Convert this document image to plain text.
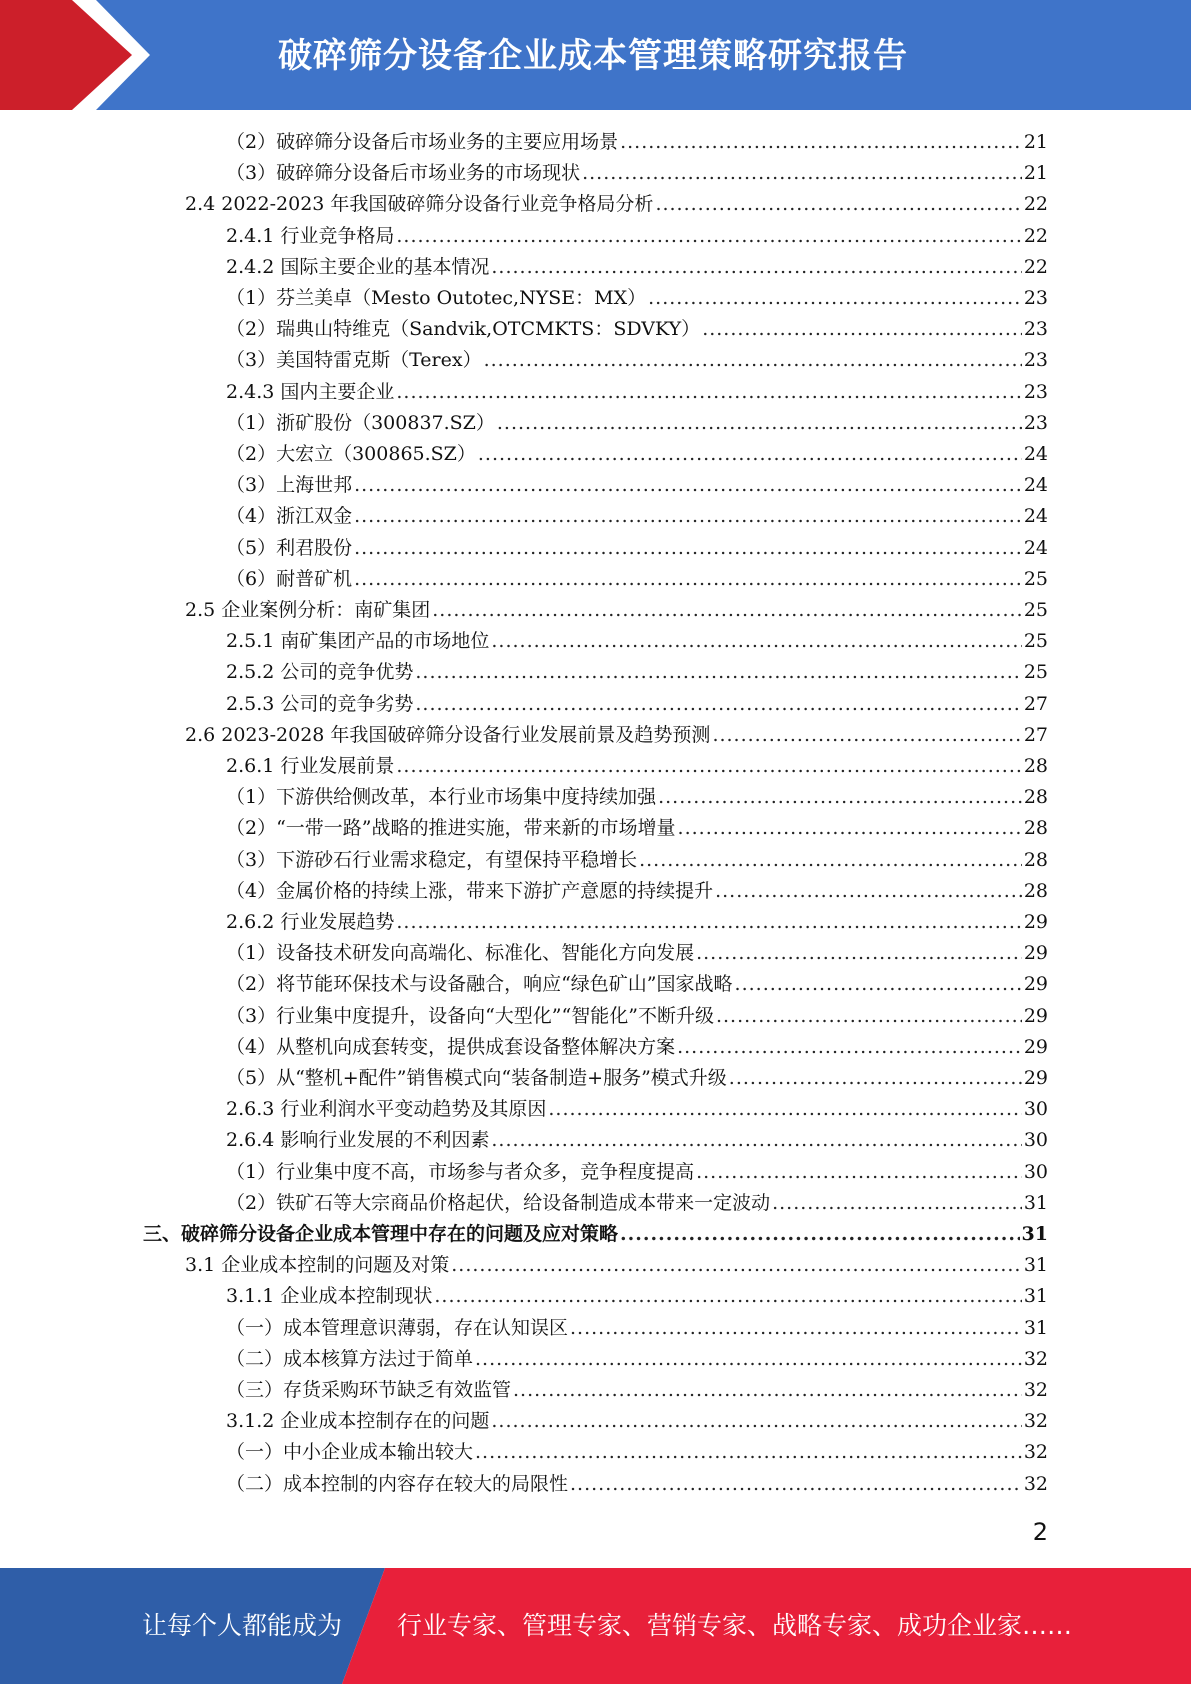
破碎筛分设备企业成本管理策略研究报告
（2）破碎筛分设备后市场业务的主要应用场景 .....	21
（3）破碎筛分设备后市场业务的市场现状 .....	21
2.4 2022-2023 年我国破碎筛分设备行业竞争格局分析 .....	22
2.4.1 行业竞争格局 .....	22
2.4.2 国际主要企业的基本情况 .....	22
（1）芬兰美卓（Mesto Outotec,NYSE：MX） .....	23
（2）瑞典山特维克（Sandvik,OTCMKTS：SDVKY） .....	23
（3）美国特雷克斯（Terex） .....	23
2.4.3 国内主要企业 .....	23
（1）浙矿股份（300837.SZ） .....	23
（2）大宏立（300865.SZ） .....	24
（3）上海世邦 .....	24
（4）浙江双金 .....	24
（5）利君股份 .....	24
（6）耐普矿机 .....	25
2.5 企业案例分析：南矿集团 .....	25
2.5.1 南矿集团产品的市场地位 .....	25
2.5.2 公司的竞争优势 .....	25
2.5.3 公司的竞争劣势 .....	27
2.6 2023-2028 年我国破碎筛分设备行业发展前景及趋势预测 .....	27
2.6.1 行业发展前景 .....	28
（1）下游供给侧改革，本行业市场集中度持续加强 .....	28
（2）“一带一路”战略的推进实施，带来新的市场增量 .....	28
（3）下游砂石行业需求稳定，有望保持平稳增长 .....	28
（4）金属价格的持续上涨，带来下游扩产意愿的持续提升 .....	28
2.6.2 行业发展趋势 .....	29
（1）设备技术研发向高端化、标准化、智能化方向发展 .....	29
（2）将节能环保技术与设备融合，响应“绿色矿山”国家战略 .....	29
（3）行业集中度提升，设备向“大型化”“智能化”不断升级 .....	29
（4）从整机向成套转变，提供成套设备整体解决方案 .....	29
（5）从“整机+配件”销售模式向“装备制造+服务”模式升级 .....	29
2.6.3 行业利润水平变动趋势及其原因 .....	30
2.6.4 影响行业发展的不利因素 .....	30
（1）行业集中度不高，市场参与者众多，竞争程度提高 .....	30
（2）铁矿石等大宗商品价格起伏，给设备制造成本带来一定波动 .....	31
三、破碎筛分设备企业成本管理中存在的问题及应对策略 .....	31
3.1 企业成本控制的问题及对策 .....	31
3.1.1 企业成本控制现状 .....	31
（一）成本管理意识薄弱，存在认知误区 .....	31
（二）成本核算方法过于简单 .....	32
（三）存货采购环节缺乏有效监管 .....	32
3.1.2 企业成本控制存在的问题 .....	32
（一）中小企业成本输出较大 .....	32
（二）成本控制的内容存在较大的局限性 .....	32
2
让每个人都能成为 行业专家、管理专家、营销专家、战略专家、成功企业家……
